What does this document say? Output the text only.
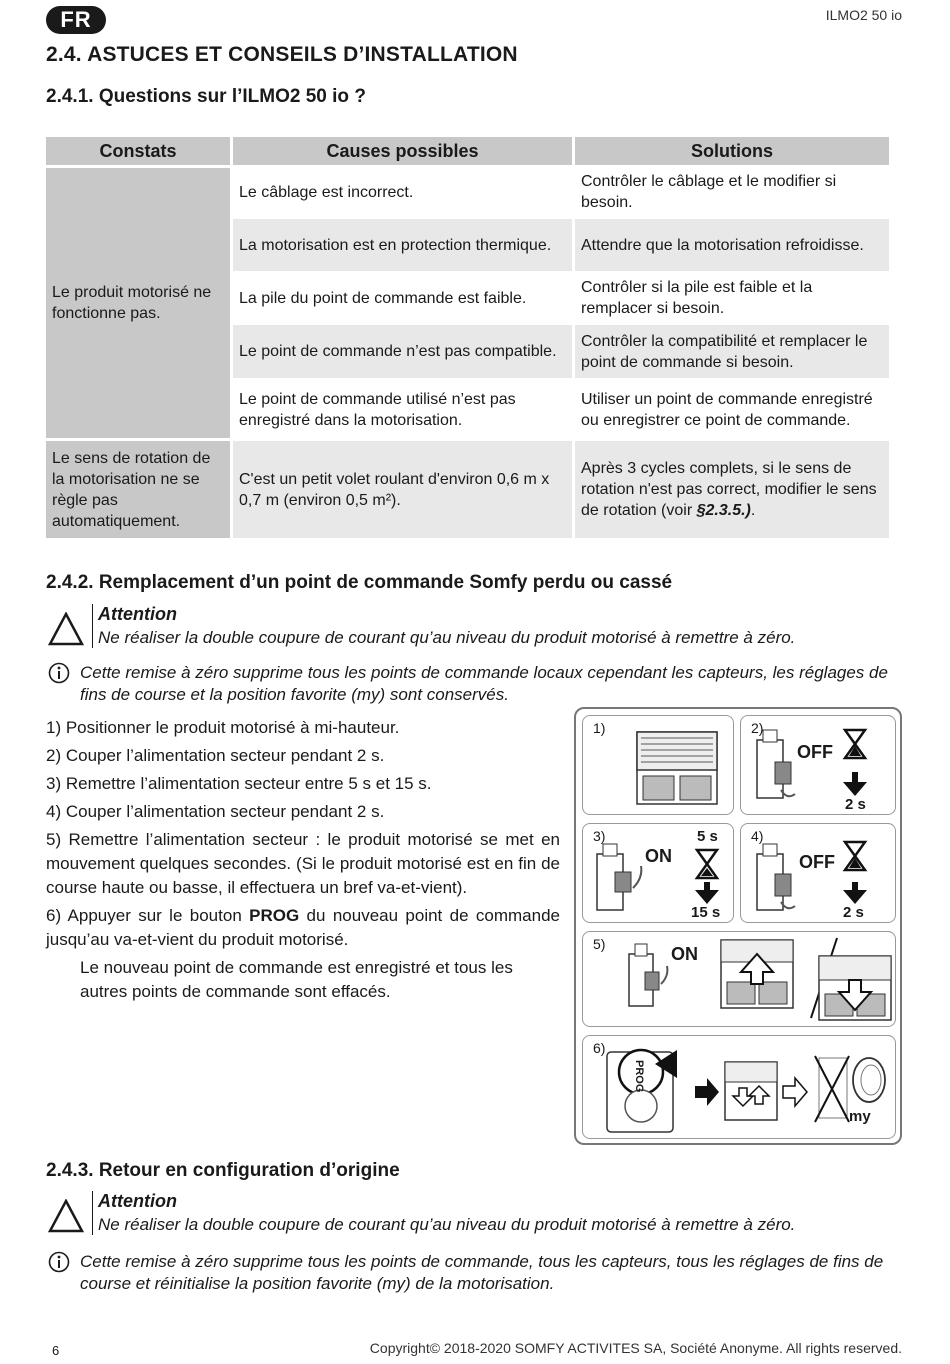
FR	ILMO2 50 io
2.4. ASTUCES ET CONSEILS D’INSTALLATION
2.4.1. Questions sur l’ILMO2 50 io ?
Constats	Causes possibles	Solutions
Le produit motorisé ne fonctionne pas.	Le câblage est incorrect.	Contrôler le câblage et le modifier si besoin.
	La motorisation est en protection thermique.	Attendre que la motorisation refroidisse.
	La pile du point de commande est faible.	Contrôler si la pile est faible et la remplacer si besoin.
	Le point de commande n’est pas compatible.	Contrôler la compatibilité et remplacer le point de commande si besoin.
	Le point de commande utilisé n’est pas enregistré dans la motorisation.	Utiliser un point de commande enregistré ou enregistrer ce point de commande.
Le sens de rotation de la motorisation ne se règle pas automatiquement.	C'est un petit volet roulant d'environ 0,6 m x 0,7 m (environ 0,5 m²).	Après 3 cycles complets, si le sens de rotation n'est pas correct, modifier le sens de rotation (voir §2.3.5.).
2.4.2. Remplacement d’un point de commande Somfy perdu ou cassé
Attention
Ne réaliser la double coupure de courant qu’au niveau du produit motorisé à remettre à zéro.
Cette remise à zéro supprime tous les points de commande locaux cependant les capteurs, les réglages de fins de course et la position favorite (my) sont conservés.

1) Positionner le produit motorisé à mi-hauteur.

2) Couper l’alimentation secteur pendant 2 s.

3) Remettre l’alimentation secteur entre 5 s et 15 s.

4) Couper l’alimentation secteur pendant 2 s.

5) Remettre l’alimentation secteur : le produit motorisé se met en mouvement quelques secondes. (Si le produit motorisé est en fin de course haute ou basse, il effectuera un bref va-et-vient).

6) Appuyer sur le bouton PROG du nouveau point de commande jusqu’au va-et-vient du produit motorisé.

Le nouveau point de commande est enregistré et tous les autres points de commande sont effacés.

1)	2)
OFF
2 s
3)
ON
5 s
15 s
4)
OFF
2 s
5)	ON
6)
PROG
my
2.4.3. Retour en configuration d’origine
Attention
Ne réaliser la double coupure de courant qu’au niveau du produit motorisé à remettre à zéro.
Cette remise à zéro supprime tous les points de commande, tous les capteurs, tous les réglages de fins de course et réinitialise la position favorite (my) de la motorisation.
6	Copyright© 2018-2020 SOMFY ACTIVITES SA, Société Anonyme. All rights reserved.
